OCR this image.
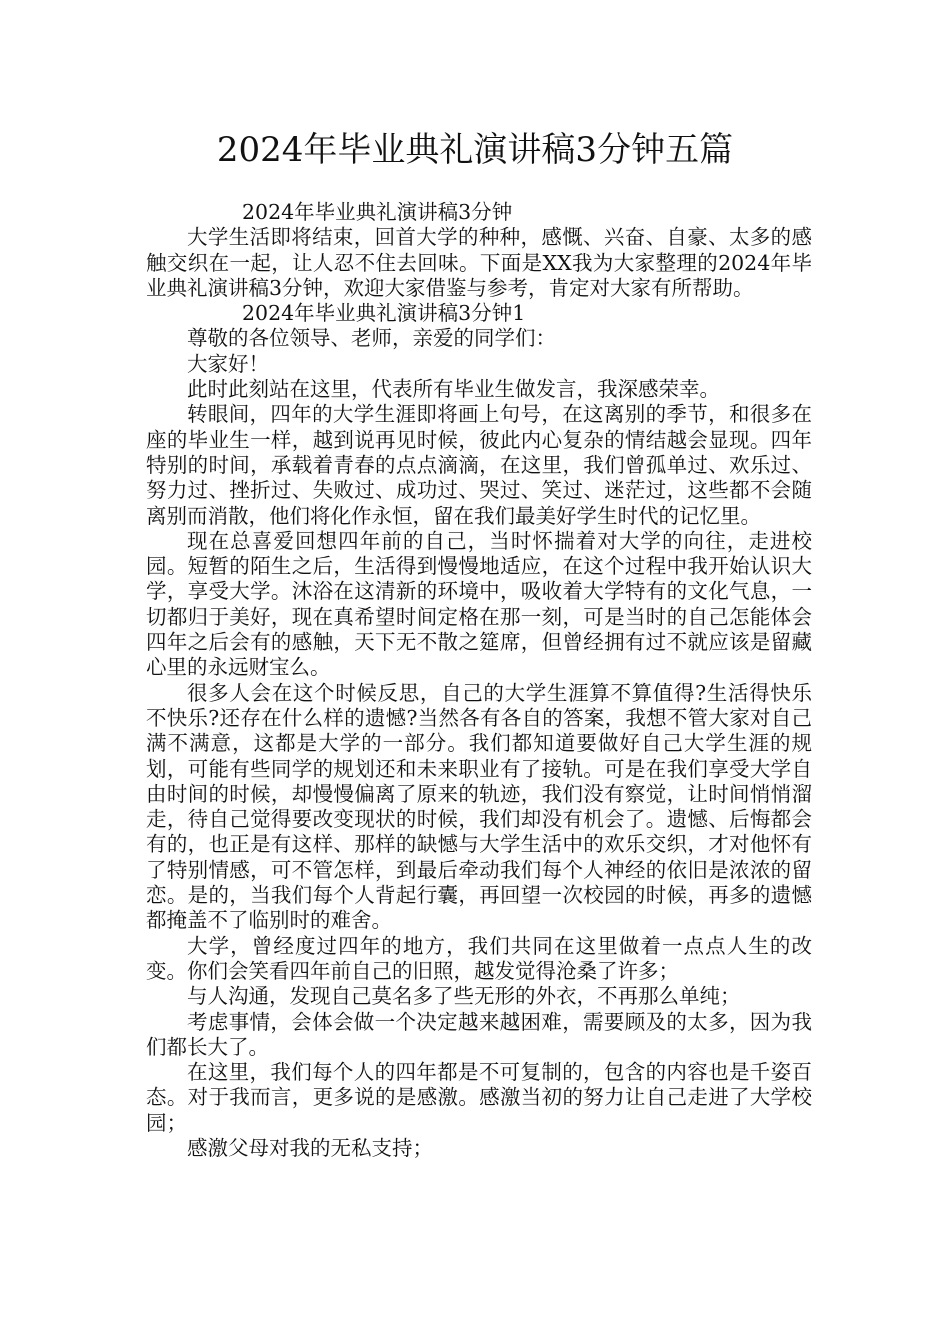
2024年毕业典礼演讲稿3分钟五篇

2024年毕业典礼演讲稿3分钟

大学生活即将结束，回首大学的种种，感慨、兴奋、自豪、太多的感触交织在一起，让人忍不住去回味。下面是XX我为大家整理的2024年毕业典礼演讲稿3分钟，欢迎大家借鉴与参考，肯定对大家有所帮助。

2024年毕业典礼演讲稿3分钟1

尊敬的各位领导、老师，亲爱的同学们：

大家好！

此时此刻站在这里，代表所有毕业生做发言，我深感荣幸。

转眼间，四年的大学生涯即将画上句号，在这离别的季节，和很多在座的毕业生一样，越到说再见时候，彼此内心复杂的情结越会显现。四年特别的时间，承载着青春的点点滴滴，在这里，我们曾孤单过、欢乐过、努力过、挫折过、失败过、成功过、哭过、笑过、迷茫过，这些都不会随离别而消散，他们将化作永恒，留在我们最美好学生时代的记忆里。

现在总喜爱回想四年前的自己，当时怀揣着对大学的向往，走进校园。短暂的陌生之后，生活得到慢慢地适应，在这个过程中我开始认识大学，享受大学。沐浴在这清新的环境中，吸收着大学特有的文化气息，一切都归于美好，现在真希望时间定格在那一刻，可是当时的自己怎能体会四年之后会有的感触，天下无不散之筵席，但曾经拥有过不就应该是留藏心里的永远财宝么。

很多人会在这个时候反思，自己的大学生涯算不算值得?生活得快乐不快乐?还存在什么样的遗憾?当然各有各自的答案，我想不管大家对自己满不满意，这都是大学的一部分。我们都知道要做好自己大学生涯的规划，可能有些同学的规划还和未来职业有了接轨。可是在我们享受大学自由时间的时候，却慢慢偏离了原来的轨迹，我们没有察觉，让时间悄悄溜走，待自己觉得要改变现状的时候，我们却没有机会了。遗憾、后悔都会有的，也正是有这样、那样的缺憾与大学生活中的欢乐交织，才对他怀有了特别情感，可不管怎样，到最后牵动我们每个人神经的依旧是浓浓的留恋。是的，当我们每个人背起行囊，再回望一次校园的时候，再多的遗憾都掩盖不了临别时的难舍。

大学，曾经度过四年的地方，我们共同在这里做着一点点人生的改变。你们会笑看四年前自己的旧照，越发觉得沧桑了许多；

与人沟通，发现自己莫名多了些无形的外衣，不再那么单纯；

考虑事情，会体会做一个决定越来越困难，需要顾及的太多，因为我们都长大了。

在这里，我们每个人的四年都是不可复制的，包含的内容也是千姿百态。对于我而言，更多说的是感激。感激当初的努力让自己走进了大学校园；

感激父母对我的无私支持；
